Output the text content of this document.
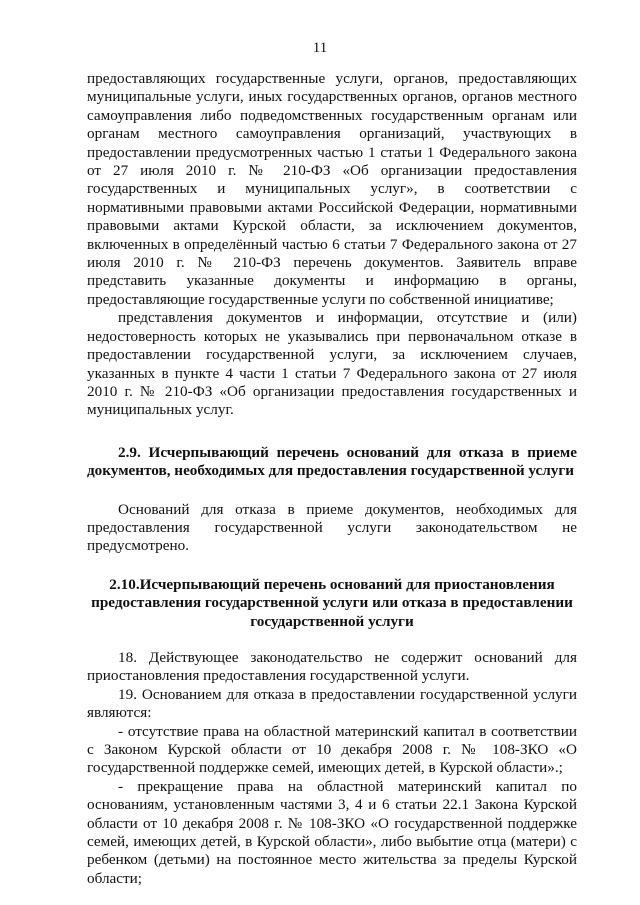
11

предоставляющих государственные услуги, органов, предоставляющих муниципальные услуги, иных государственных органов, органов местного самоуправления либо подведомственных государственным органам или органам местного самоуправления организаций, участвующих в предоставлении предусмотренных частью 1 статьи 1 Федерального закона от 27 июля 2010 г. № 210-ФЗ «Об организации предоставления государственных и муниципальных услуг», в соответствии с нормативными правовыми актами Российской Федерации, нормативными правовыми актами Курской области, за исключением документов, включенных в определённый частью 6 статьи 7 Федерального закона от 27 июля 2010 г. № 210-ФЗ перечень документов. Заявитель вправе представить указанные документы и информацию в органы, предоставляющие государственные услуги по собственной инициативе;

представления документов и информации, отсутствие и (или) недостоверность которых не указывались при первоначальном отказе в предоставлении государственной услуги, за исключением случаев, указанных в пункте 4 части 1 статьи 7 Федерального закона от 27 июля 2010 г. № 210-ФЗ «Об организации предоставления государственных и муниципальных услуг.

2.9. Исчерпывающий перечень оснований для отказа в приеме документов, необходимых для предоставления государственной услуги

Оснований для отказа в приеме документов, необходимых для предоставления государственной услуги законодательством не предусмотрено.

2.10.Исчерпывающий перечень оснований для приостановления предоставления государственной услуги или отказа в предоставлении государственной услуги

18. Действующее законодательство не содержит оснований для приостановления предоставления государственной услуги.

19. Основанием для отказа в предоставлении государственной услуги являются:

- отсутствие права на областной материнский капитал в соответствии с Законом Курской области от 10 декабря 2008 г. № 108-ЗКО «О государственной поддержке семей, имеющих детей, в Курской области».;

- прекращение права на областной материнский капитал по основаниям, установленным частями 3, 4 и 6 статьи 22.1 Закона Курской области от 10 декабря 2008 г. № 108-ЗКО «О государственной поддержке семей, имеющих детей, в Курской области», либо выбытие отца (матери) с ребенком (детьми) на постоянное место жительства за пределы Курской области;
